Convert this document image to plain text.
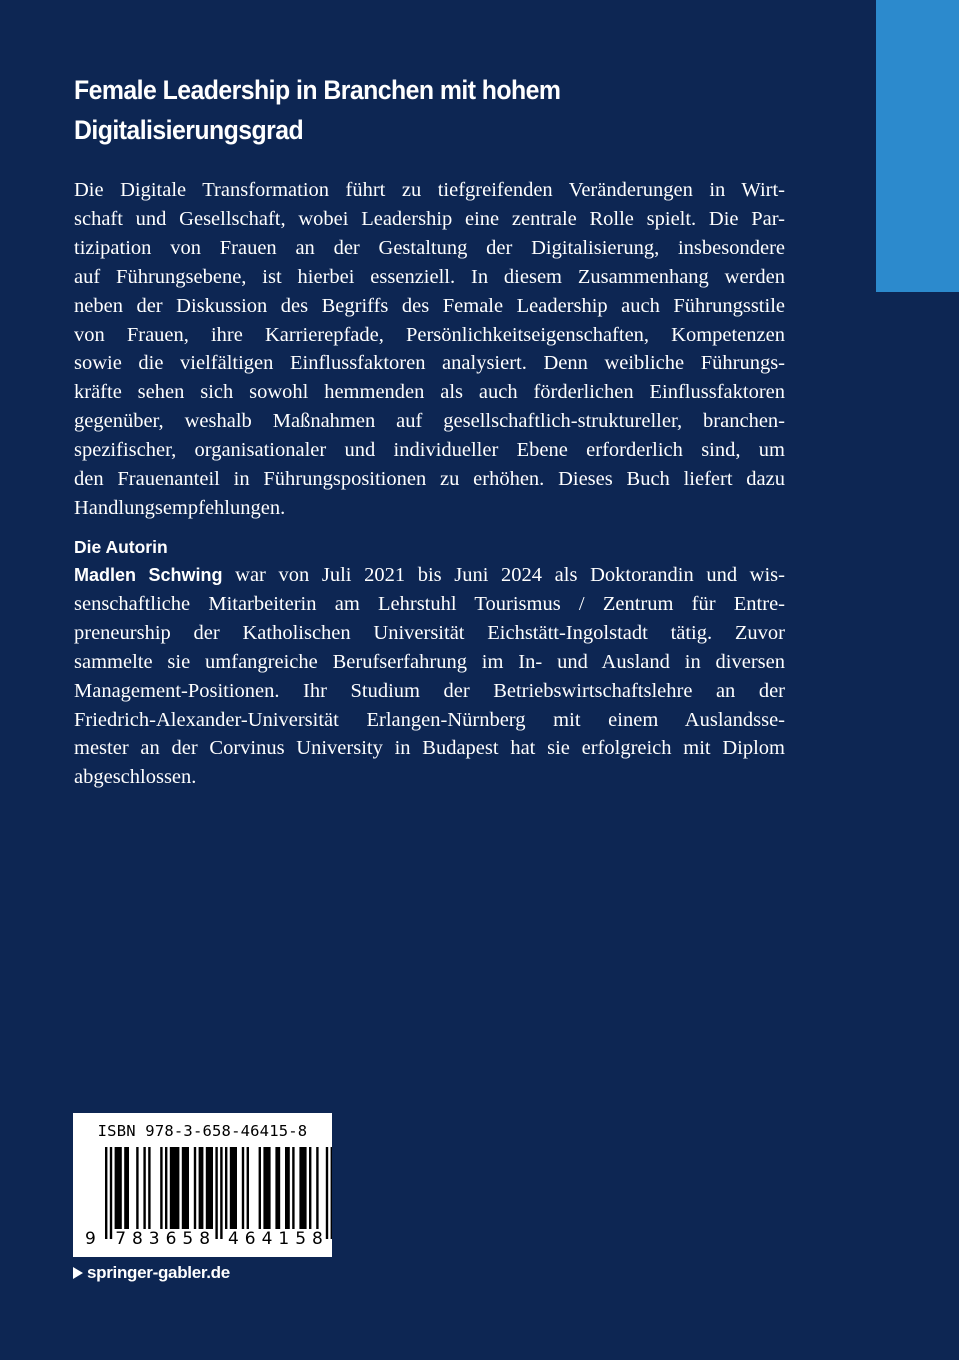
Female Leadership in Branchen mit hohem
Digitalisierungsgrad

Die Digitale Transformation führt zu tiefgreifenden Veränderungen in Wirt-
schaft und Gesellschaft, wobei Leadership eine zentrale Rolle spielt. Die Par-
tizipation von Frauen an der Gestaltung der Digitalisierung, insbesondere
auf Führungsebene, ist hierbei essenziell. In diesem Zusammenhang werden
neben der Diskussion des Begriffs des Female Leadership auch Führungsstile
von Frauen, ihre Karrierepfade, Persönlichkeitseigenschaften, Kompetenzen
sowie die vielfältigen Einflussfaktoren analysiert. Denn weibliche Führungs-
kräfte sehen sich sowohl hemmenden als auch förderlichen Einflussfaktoren
gegenüber, weshalb Maßnahmen auf gesellschaftlich-struktureller, branchen-
spezifischer, organisationaler und individueller Ebene erforderlich sind, um
den Frauenanteil in Führungspositionen zu erhöhen. Dieses Buch liefert dazu
Handlungsempfehlungen.

Die Autorin

Madlen Schwing war von Juli 2021 bis Juni 2024 als Doktorandin und wis-
senschaftliche Mitarbeiterin am Lehrstuhl Tourismus / Zentrum für Entre-
preneurship der Katholischen Universität Eichstätt-Ingolstadt tätig. Zuvor
sammelte sie umfangreiche Berufserfahrung im In- und Ausland in diversen
Management-Positionen. Ihr Studium der Betriebswirtschaftslehre an der
Friedrich-Alexander-Universität Erlangen-Nürnberg mit einem Auslandsse-
mester an der Corvinus University in Budapest hat sie erfolgreich mit Diplom
abgeschlossen.

ISBN 978-3-658-46415-8
9 7 8 3 6 5 8 4 6 4 1 5 8
springer-gabler.de
